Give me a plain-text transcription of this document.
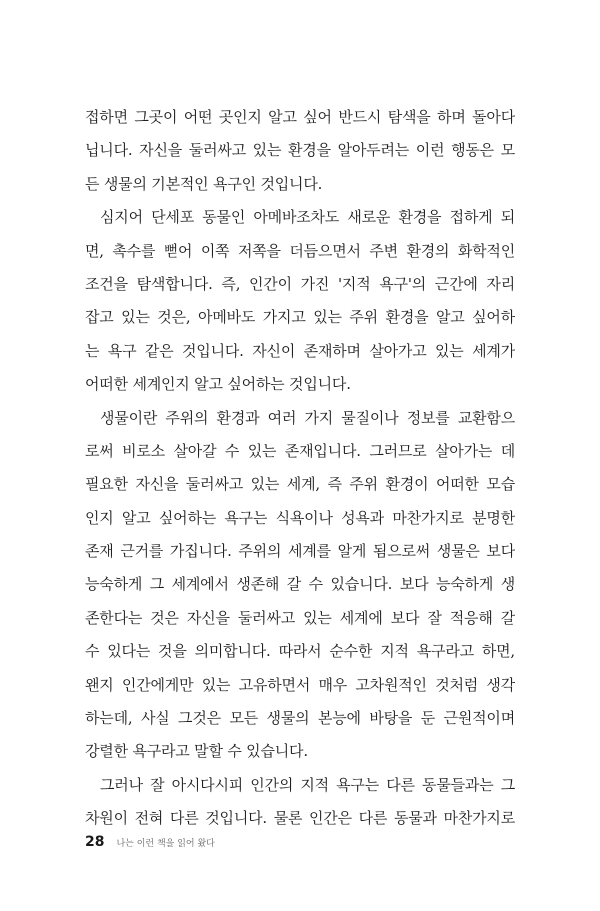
접하면 그곳이 어떤 곳인지 알고 싶어 반드시 탐색을 하며 돌아다
닙니다. 자신을 둘러싸고 있는 환경을 알아두려는 이런 행동은 모
든 생물의 기본적인 욕구인 것입니다.
심지어 단세포 동물인 아메바조차도 새로운 환경을 접하게 되
면, 촉수를 뻗어 이쪽 저쪽을 더듬으면서 주변 환경의 화학적인
조건을 탐색합니다. 즉, 인간이 가진 '지적 욕구'의 근간에 자리
잡고 있는 것은, 아메바도 가지고 있는 주위 환경을 알고 싶어하
는 욕구 같은 것입니다. 자신이 존재하며 살아가고 있는 세계가
어떠한 세계인지 알고 싶어하는 것입니다.
생물이란 주위의 환경과 여러 가지 물질이나 정보를 교환함으
로써 비로소 살아갈 수 있는 존재입니다. 그러므로 살아가는 데
필요한 자신을 둘러싸고 있는 세계, 즉 주위 환경이 어떠한 모습
인지 알고 싶어하는 욕구는 식욕이나 성욕과 마찬가지로 분명한
존재 근거를 가집니다. 주위의 세계를 알게 됨으로써 생물은 보다
능숙하게 그 세계에서 생존해 갈 수 있습니다. 보다 능숙하게 생
존한다는 것은 자신을 둘러싸고 있는 세계에 보다 잘 적응해 갈
수 있다는 것을 의미합니다. 따라서 순수한 지적 욕구라고 하면,
왠지 인간에게만 있는 고유하면서 매우 고차원적인 것처럼 생각
하는데, 사실 그것은 모든 생물의 본능에 바탕을 둔 근원적이며
강렬한 욕구라고 말할 수 있습니다.
그러나 잘 아시다시피 인간의 지적 욕구는 다른 동물들과는 그
차원이 전혀 다른 것입니다. 물론 인간은 다른 동물과 마찬가지로
28 나는 이런 책을 읽어 왔다
